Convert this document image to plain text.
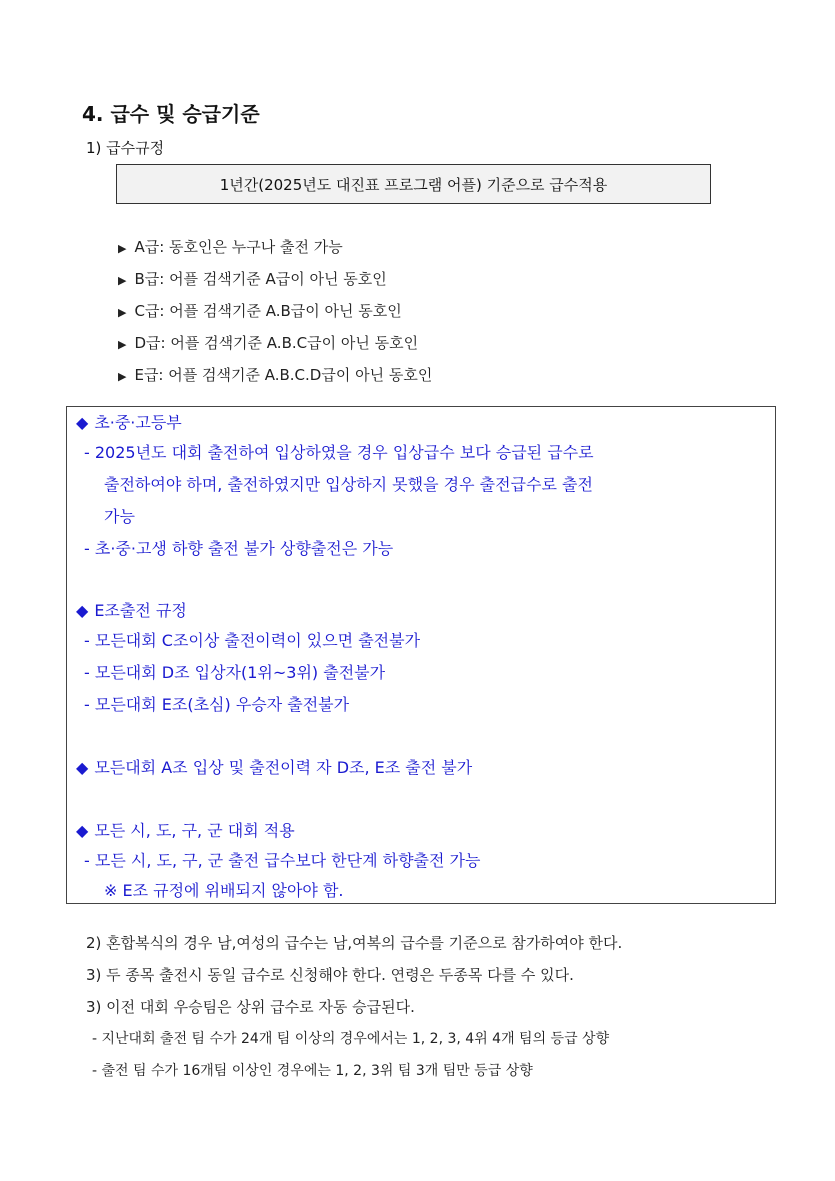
4. 급수 및 승급기준
1) 급수규정
1년간(2025년도 대진표 프로그램 어플) 기준으로 급수적용
▶ A급: 동호인은 누구나 출전 가능
▶ B급: 어플 검색기준 A급이 아닌 동호인
▶ C급: 어플 검색기준 A.B급이 아닌 동호인
▶ D급: 어플 검색기준 A.B.C급이 아닌 동호인
▶ E급: 어플 검색기준 A.B.C.D급이 아닌 동호인
◆ 초·중·고등부
- 2025년도 대회 출전하여 입상하였을 경우 입상급수 보다 승급된 급수로
출전하여야 하며, 출전하였지만 입상하지 못했을 경우 출전급수로 출전
가능
- 초·중·고생 하향 출전 불가 상향출전은 가능
◆ E조출전 규정
- 모든대회 C조이상 출전이력이 있으면 출전불가
- 모든대회 D조 입상자(1위~3위) 출전불가
- 모든대회 E조(초심) 우승자 출전불가
◆ 모든대회 A조 입상 및 출전이력 자 D조, E조 출전 불가
◆ 모든 시, 도, 구, 군 대회 적용
- 모든 시, 도, 구, 군 출전 급수보다 한단계 하향출전 가능
※ E조 규정에 위배되지 않아야 함.
2) 혼합복식의 경우 남,여성의 급수는 남,여복의 급수를 기준으로 참가하여야 한다.
3) 두 종목 출전시 동일 급수로 신청해야 한다. 연령은 두종목 다를 수 있다.
3) 이전 대회 우승팀은 상위 급수로 자동 승급된다.
- 지난대회 출전 팀 수가 24개 팀 이상의 경우에서는 1, 2, 3, 4위 4개 팀의 등급 상향
- 출전 팀 수가 16개팀 이상인 경우에는 1, 2, 3위 팀 3개 팀만 등급 상향
